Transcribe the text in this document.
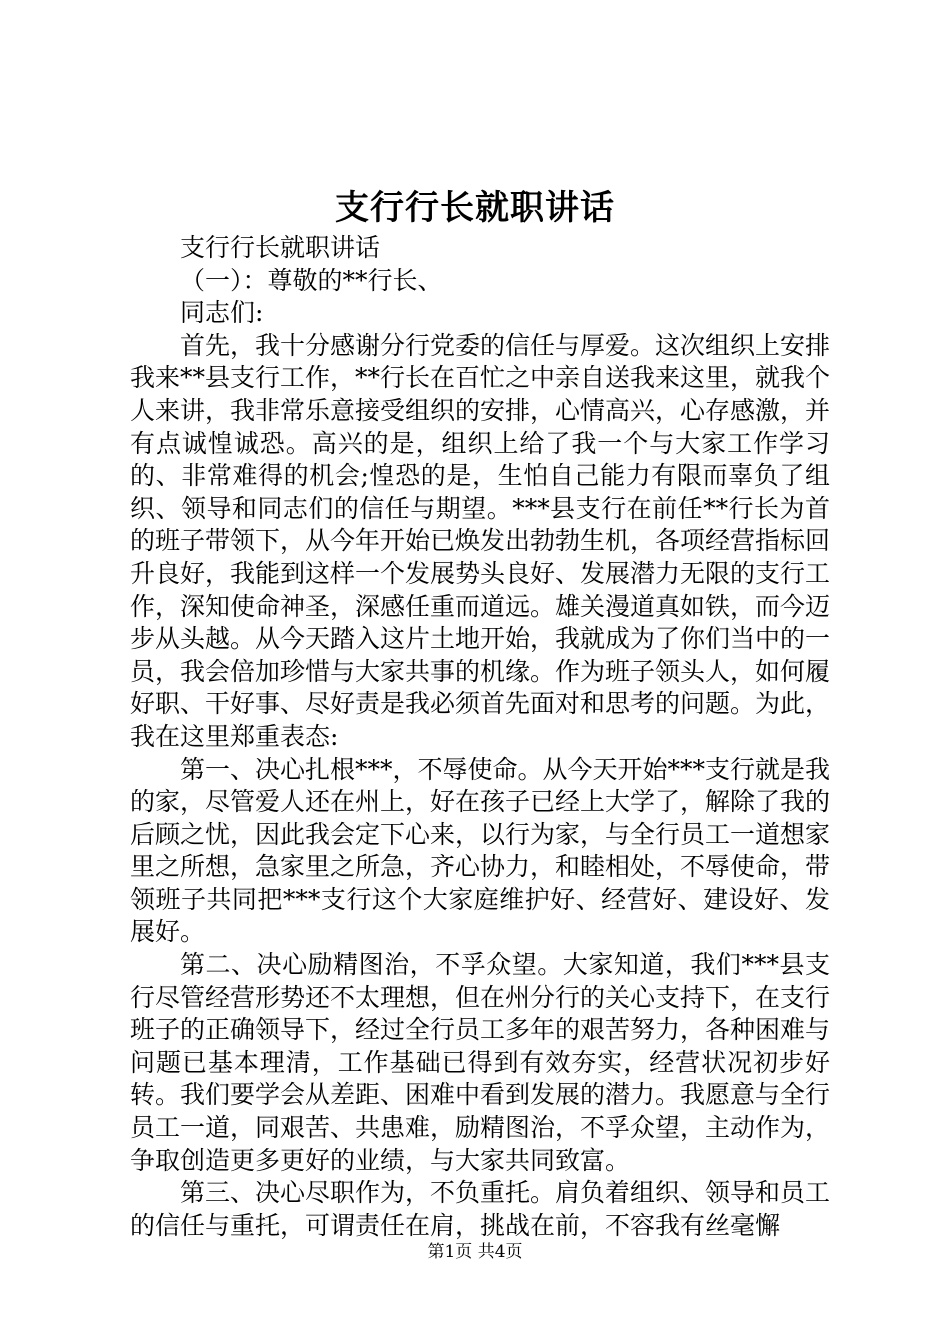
支行行长就职讲话

支行行长就职讲话

（一）：尊敬的**行长、

同志们:

首先，我十分感谢分行党委的信任与厚爱。这次组织上安排我来**县支行工作，**行长在百忙之中亲自送我来这里，就我个人来讲，我非常乐意接受组织的安排，心情高兴，心存感激，并有点诚惶诚恐。高兴的是，组织上给了我一个与大家工作学习的、非常难得的机会;惶恐的是，生怕自己能力有限而辜负了组织、领导和同志们的信任与期望。***县支行在前任**行长为首的班子带领下，从今年开始已焕发出勃勃生机，各项经营指标回升良好，我能到这样一个发展势头良好、发展潜力无限的支行工作，深知使命神圣，深感任重而道远。雄关漫道真如铁，而今迈步从头越。从今天踏入这片土地开始，我就成为了你们当中的一员，我会倍加珍惜与大家共事的机缘。作为班子领头人，如何履好职、干好事、尽好责是我必须首先面对和思考的问题。为此，我在这里郑重表态:

第一、决心扎根***，不辱使命。从今天开始***支行就是我的家，尽管爱人还在州上，好在孩子已经上大学了，解除了我的后顾之忧，因此我会定下心来，以行为家，与全行员工一道想家里之所想，急家里之所急，齐心协力，和睦相处，不辱使命，带领班子共同把***支行这个大家庭维护好、经营好、建设好、发展好。

第二、决心励精图治，不孚众望。大家知道，我们***县支行尽管经营形势还不太理想，但在州分行的关心支持下，在支行班子的正确领导下，经过全行员工多年的艰苦努力，各种困难与问题已基本理清，工作基础已得到有效夯实，经营状况初步好转。我们要学会从差距、困难中看到发展的潜力。我愿意与全行员工一道，同艰苦、共患难，励精图治，不孚众望，主动作为，争取创造更多更好的业绩，与大家共同致富。

第三、决心尽职作为，不负重托。肩负着组织、领导和员工的信任与重托，可谓责任在肩，挑战在前，不容我有丝毫懈

第1页 共4页
